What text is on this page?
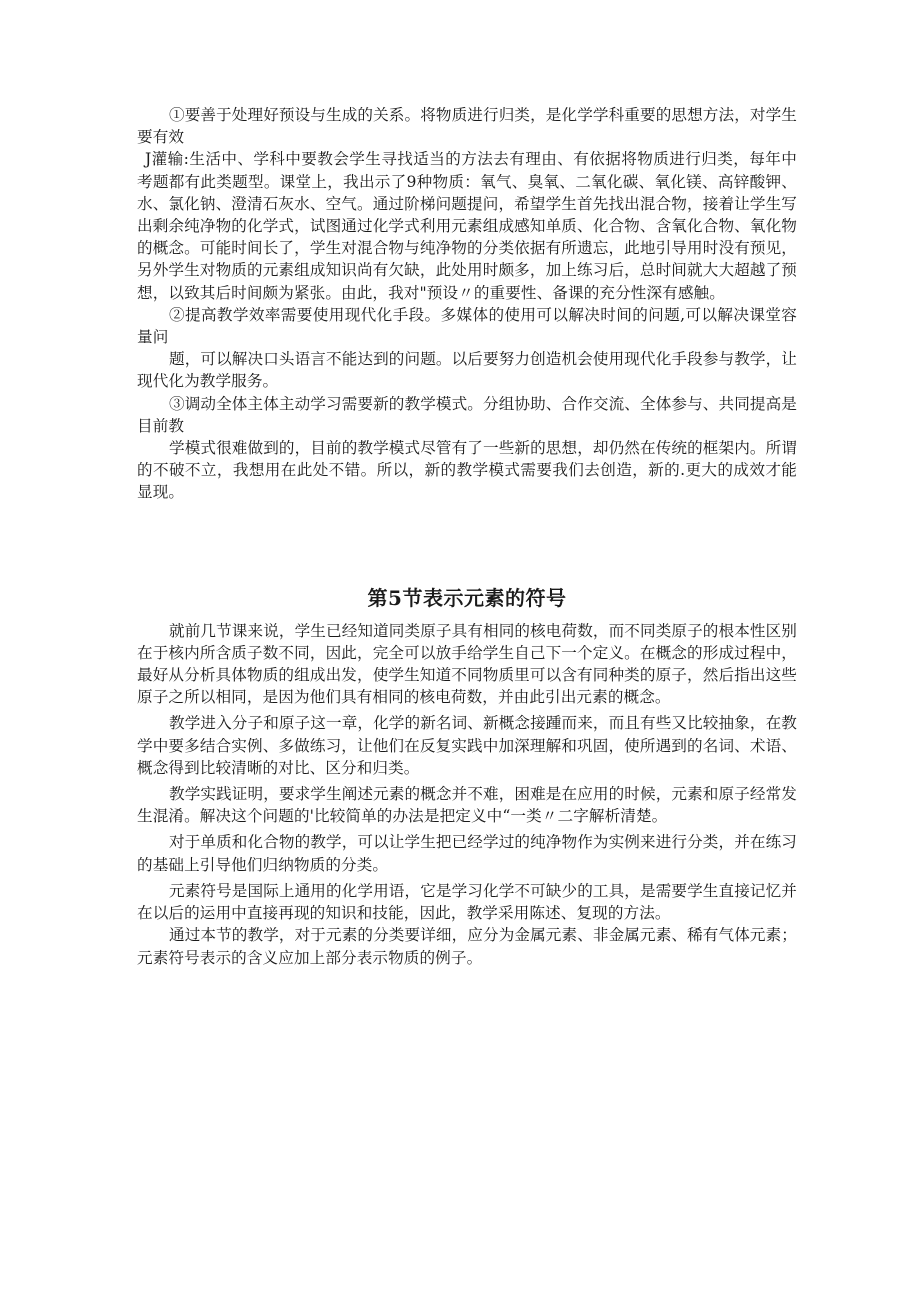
①要善于处理好预设与生成的关系。将物质进行归类，是化学学科重要的思想方法，对学生要有效

J灌输:生活中、学科中要教会学生寻找适当的方法去有理由、有依据将物质进行归类，每年中考题都有此类题型。课堂上，我出示了9种物质：氧气、臭氧、二氧化碳、氧化镁、高锌酸钾、水、氯化钠、澄清石灰水、空气。通过阶梯问题提问，希望学生首先找出混合物，接着让学生写出剩余纯净物的化学式，试图通过化学式利用元素组成感知单质、化合物、含氧化合物、氧化物的概念。可能时间长了，学生对混合物与纯净物的分类依据有所遗忘，此地引导用时没有预见，另外学生对物质的元素组成知识尚有欠缺，此处用时颇多，加上练习后，总时间就大大超越了预想，以致其后时间颇为紧张。由此，我对"预设〃的重要性、备课的充分性深有感触。

②提高教学效率需要使用现代化手段。多媒体的使用可以解决时间的问题,可以解决课堂容量问

题，可以解决口头语言不能达到的问题。以后要努力创造机会使用现代化手段参与教学，让现代化为教学服务。

③调动全体主体主动学习需要新的教学模式。分组协助、合作交流、全体参与、共同提高是目前教

学模式很难做到的，目前的教学模式尽管有了一些新的思想，却仍然在传统的框架内。所谓的不破不立，我想用在此处不错。所以，新的教学模式需要我们去创造，新的.更大的成效才能显现。

第5节表示元素的符号

就前几节课来说，学生已经知道同类原子具有相同的核电荷数，而不同类原子的根本性区别在于核内所含质子数不同，因此，完全可以放手给学生自己下一个定义。在概念的形成过程中，最好从分析具体物质的组成出发，使学生知道不同物质里可以含有同种类的原子，然后指出这些原子之所以相同，是因为他们具有相同的核电荷数，并由此引出元素的概念。

教学进入分子和原子这一章，化学的新名词、新概念接踵而来，而且有些又比较抽象，在教学中要多结合实例、多做练习，让他们在反复实践中加深理解和巩固，使所遇到的名词、术语、概念得到比较清晰的对比、区分和归类。

教学实践证明，要求学生阐述元素的概念并不难，困难是在应用的时候，元素和原子经常发生混淆。解决这个问题的'比较简单的办法是把定义中“一类〃二字解析清楚。

对于单质和化合物的教学，可以让学生把已经学过的纯净物作为实例来进行分类，并在练习的基础上引导他们归纳物质的分类。

元素符号是国际上通用的化学用语，它是学习化学不可缺少的工具，是需要学生直接记忆并在以后的运用中直接再现的知识和技能，因此，教学采用陈述、复现的方法。

通过本节的教学，对于元素的分类要详细，应分为金属元素、非金属元素、稀有气体元素；元素符号表示的含义应加上部分表示物质的例子。
